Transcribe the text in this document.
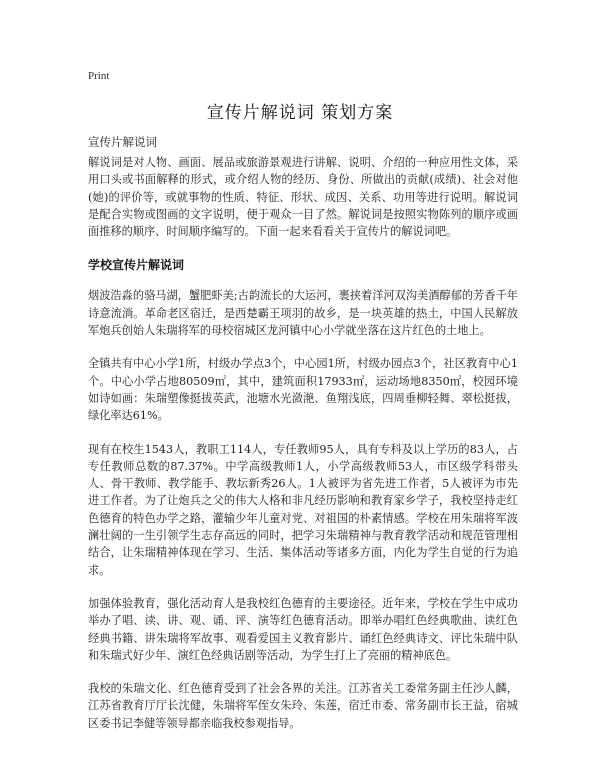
Print
宣传片解说词 策划方案
宣传片解说词

解说词是对人物、画面、展品或旅游景观进行讲解、说明、介绍的一种应用性文体，采用口头或书面解释的形式，或介绍人物的经历、身份、所做出的贡献(成绩)、社会对他(她)的评价等，或就事物的性质、特征、形状、成因、关系、功用等进行说明。解说词是配合实物或图画的文字说明，便于观众一目了然。解说词是按照实物陈列的顺序或画面推移的顺序、时间顺序编写的。下面一起来看看关于宣传片的解说词吧。

学校宣传片解说词

烟波浩淼的骆马湖，蟹肥虾美;古韵流长的大运河，裹挟着洋河双沟美酒醇郁的芳香千年诗意流淌。革命老区宿迁，是西楚霸王项羽的故乡，是一块英雄的热土，中国人民解放军炮兵创始人朱瑞将军的母校宿城区龙河镇中心小学就坐落在这片红色的土地上。

全镇共有中心小学1所，村级办学点3个，中心园1所，村级办园点3个，社区教育中心1个。中心小学占地80509㎡，其中，建筑面积17933㎡，运动场地8350㎡，校园环境如诗如画：朱瑞塑像挺拔英武，池塘水光潋滟、鱼翔浅底，四周垂柳轻舞、翠松挺拔，绿化率达61%。

现有在校生1543人，教职工114人，专任教师95人，具有专科及以上学历的83人，占专任教师总数的87.37%。中学高级教师1人，小学高级教师53人，市区级学科带头人、骨干教师、教学能手、教坛新秀26人。1人被评为省先进工作者，5人被评为市先进工作者。为了让炮兵之父的伟大人格和非凡经历影响和教育家乡学子，我校坚持走红色德育的特色办学之路，灌输少年儿童对党、对祖国的朴素情感。学校在用朱瑞将军波澜壮阔的一生引领学生志存高远的同时，把学习朱瑞精神与教育教学活动和规范管理相结合，让朱瑞精神体现在学习、生活、集体活动等诸多方面，内化为学生自觉的行为追求。

加强体验教育，强化活动育人是我校红色德育的主要途径。近年来，学校在学生中成功举办了唱、读、讲、观、诵、评、演等红色德育活动。即举办唱红色经典歌曲、读红色经典书籍、讲朱瑞将军故事、观看爱国主义教育影片、诵红色经典诗文、评比朱瑞中队和朱瑞式好少年、演红色经典话剧等活动，为学生打上了亮丽的精神底色。

我校的朱瑞文化、红色德育受到了社会各界的关注。江苏省关工委常务副主任沙人麟，江苏省教育厅厅长沈健，朱瑞将军侄女朱玲、朱莲，宿迁市委、常务副市长王益，宿城区委书记李健等领导都亲临我校参观指导。
